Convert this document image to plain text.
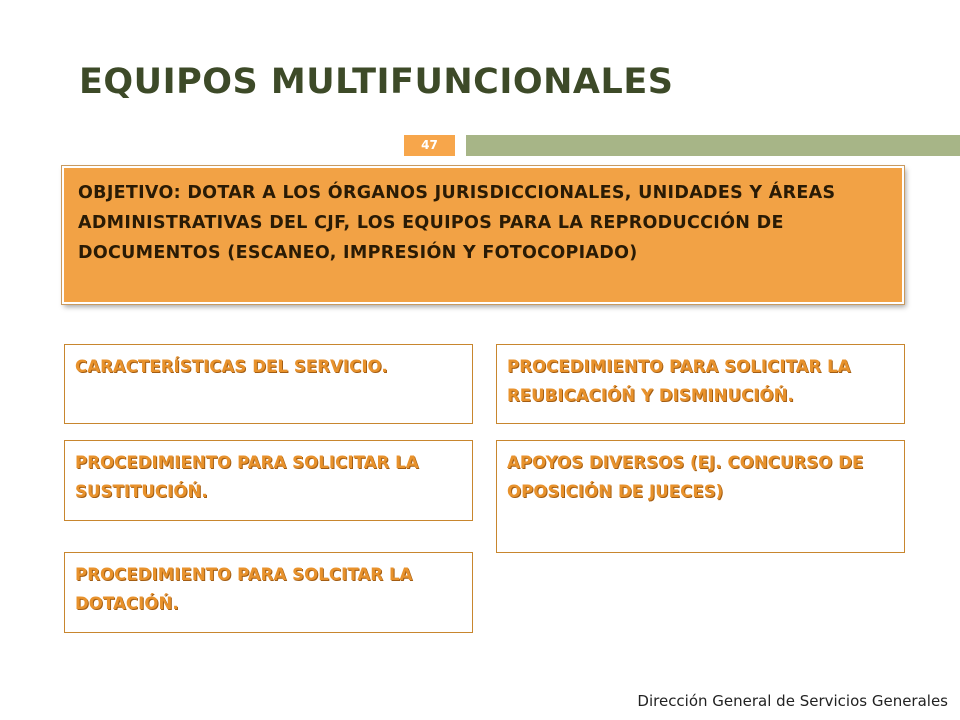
EQUIPOS MULTIFUNCIONALES
47

OBJETIVO: DOTAR A LOS ÓRGANOS JURISDICCIONALES, UNIDADES Y ÁREAS ADMINISTRATIVAS DEL CJF, LOS EQUIPOS PARA LA REPRODUCCIÓN DE DOCUMENTOS (ESCANEO, IMPRESIÓN Y FOTOCOPIADO)

CARACTERÍSTICAS DEL SERVICIO.	PROCEDIMIENTO PARA SOLICITAR LA REUBICACIÓŃ Y DISMINUCIÓŃ.

PROCEDIMIENTO PARA SOLICITAR LA SUSTITUCIÓŃ.

APOYOS DIVERSOS (EJ. CONCURSO DE OPOSICIÓN DE JUECES)

PROCEDIMIENTO PARA SOLCITAR LA DOTACIÓŃ.

Dirección General de Servicios Generales
